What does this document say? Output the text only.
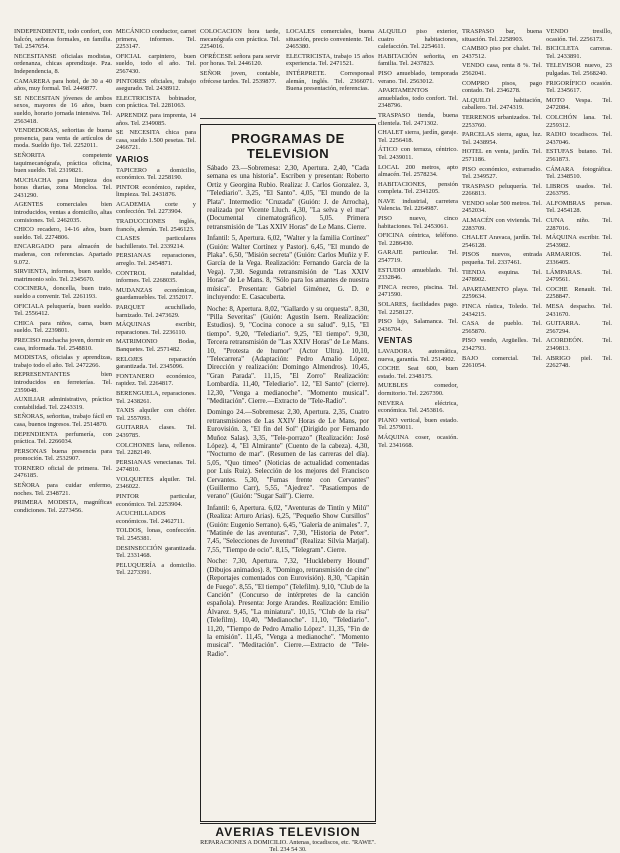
INDEPENDIENTE, todo confort, con balcón, señoras formales, en familia. Tel. 2547654.

NECESITANSE oficialas modistas, ordenanza, chicas aprendizaje. Pza. Independencia, 8.

CAMARERA para hotel, de 30 a 40 años, muy formal. Tel. 2449877.

SE NECESITAN jóvenes de ambos sexos, mayores de 16 años, buen sueldo, horario jornada intensiva. Tel. 2563418.

VENDEDORAS, señoritas de buena presencia, para venta de artículos de moda. Sueldo fijo. Tel. 2252011.

SEÑORITA competente taquimecanógrafa, práctica oficina, buen sueldo. Tel. 2319821.

MUCHACHA para limpieza dos horas diarias, zona Moncloa. Tel. 2431290.

AGENTES comerciales bien introducidos, ventas a domicilio, altas comisiones. Tel. 2462035.

CHICO recadero, 14-16 años, buen sueldo. Tel. 2274806.

ENCARGADO para almacén de maderas, con referencias. Apartado 9.072.

SIRVIENTA, informes, buen sueldo, matrimonio solo. Tel. 2345670.

COCINERA, doncella, buen trato, sueldo a convenir. Tel. 2261193.

OFICIALA peluquería, buen sueldo. Tel. 2556412.

CHICA para niños, cama, buen sueldo. Tel. 2239801.

PRECISO muchacha joven, dormir en casa, informada. Tel. 2548810.

MODISTAS, oficialas y aprendizas, trabajo todo el año. Tel. 2472266.

REPRESENTANTES bien introducidos en ferreterías. Tel. 2359048.

AUXILIAR administrativo, práctica contabilidad. Tel. 2243319.

SEÑORAS, señoritas, trabajo fácil en casa, buenos ingresos. Tel. 2514870.

DEPENDIENTA perfumería, con práctica. Tel. 2266034.

PERSONAS buena presencia para promoción. Tel. 2532907.

TORNERO oficial de primera. Tel. 2476185.

SEÑORA para cuidar enfermo, noches. Tel. 2348721.

PRIMERA MODISTA, magníficas condiciones. Tel. 2273456.

MECÁNICO conductor, carnet primera, informes. Tel. 2253147.

OFICIAL carpintero, buen sueldo, todo el año. Tel. 2567430.

PINTORES oficiales, trabajo asegurado. Tel. 2438912.

ELECTRICISTA bobinador, con práctica. Tel. 2281063.

APRENDIZ para imprenta, 14 años. Tel. 2349085.

SE NECESITA chica para casa, sueldo 1.500 pesetas. Tel. 2466721.

VARIOS

TAPICERO a domicilio, económico. Tel. 2258190.

PINTOR económico, rapidez, limpieza. Tel. 2431876.

ACADEMIA corte y confección. Tel. 2273904.

TRADUCCIONES inglés, francés, alemán. Tel. 2546123.

CLASES particulares bachillerato. Tel. 2339214.

PERSIANAS reparaciones, arreglo. Tel. 2454871.

CONTROL natalidad, informes. Tel. 2268035.

MUDANZAS económicas, guardamuebles. Tel. 2352017.

PARQUET acuchillado, barnizado. Tel. 2473629.

MÁQUINAS escribir, reparaciones. Tel. 2236110.

MATRIMONIO Bodas, Banquetes. Tel. 2571482.

RELOJES reparación garantizada. Tel. 2345096.

FONTANERO económico, rapidez. Tel. 2264817.

BERENGUELA, reparaciones. Tel. 2438261.

TAXIS alquiler con chófer. Tel. 2557093.

GUITARRA clases. Tel. 2439785.

COLCHONES lana, rellenos. Tel. 2282149.

PERSIANAS venecianas. Tel. 2474810.

VOLQUETES alquiler. Tel. 2346022.

PINTOR particular, económico. Tel. 2253904.

ACUCHILLADOS económicos. Tel. 2462711.

TOLDOS, lonas, confección. Tel. 2545381.

DESINSECCIÓN garantizada. Tel. 2331468.

PELUQUERÍA a domicilio. Tel. 2273391.

COLOCACION hora tarde, mecanógrafa con práctica. Tel. 2254016.

OFRÉCESE señora para servir por horas. Tel. 2446120.

SEÑOR joven, contable, ofrécese tardes. Tel. 2539877.

LOCALES comerciales, buena situación, precio conveniente. Tel. 2465380.

ELECTRICISTA, trabajo 15 años experiencia. Tel. 2471521.

INTÉRPRETE. Corresponsal alemán, inglés. Tel. 2366071. Buena presentación, referencias.

PROGRAMAS DE TELEVISION

Sábado 23.—Sobremesa: 2,30, Apertura. 2,40, "Cada semana es una historia". Escriben y presentan: Roberto Ortiz y Georgina Rubio. Realiza: J. Carlos Gonzalez. 3, "Telediario". 3,25, "El Santo". 4,05, "El mundo de la Plata". Intermedio: "Cruzada" (Guión: J. de Arrocha), realizada por Vicente Lluch. 4,30, "La selva y el mar" (Documental cinematográfico). 5,05. Primera retransmisión de "Las XXIV Horas" de Le Mans. Cierre.

Infantil: 5, Apertura. 6,02, "Walter y la familia Cortínez" (Guión: Walter Cortínez y Pastor). 6,45, "El mundo de Plaka". 6,50, "Misión secreta" (Guión: Carlos Muñiz y F. García de la Vega. Realización: Fernando García de la Vega). 7,30. Segunda retransmisión de "Las XXIV Horas" de Le Mans. 8, "Sólo para los amantes de nuestra música". Presentan: Gabriel Giménez, G. D. e incluyendo: E. Casacuberta.

Noche: 8, Apertura. 8,02, "Gallardo y su orquesta". 8,30, "Pilla Severitas" (Guión: Agustín Isern. Realización: Estudios). 9, "Cocina conoce a su salud". 9,15, "El tiempo". 9,20, "Telediario". 9,25, "El tiempo". 9,30, Tercera retransmisión de "Las XXIV Horas" de Le Mans. 10, "Protesta de humor" (Actor Ultra). 10,10, "Telecarrera" (Adaptación: Pedro Amalio López. Dirección y realización: Domingo Almendros). 10,45, "Gran Parada". 11,15, "El Zorro" Realización: Lombardía. 11,40, "Telediario". 12, "El Santo" (cierre). 12,30, "Venga a medianoche". "Momento musical". "Meditación". Cierre.—Extracto de "Tele-Radio".

Domingo 24.—Sobremesa: 2,30, Apertura. 2,35, Cuatro retransmisiones de Las XXIV Horas de Le Mans, por Eurovisión. 3, "El fin del Sol" (Dirigido por Fernando Muñoz Salas). 3,35, "Tele-porrazo" (Realización: José López). 4, "El Almirante" (Cuento de la cabeza). 4,30, "Nocturno de mar". (Resumen de las carreras del día). 5,05, "Quo timeo" (Noticias de actualidad comentadas por Luis Ruiz). Selección de los mejores del Francisco Cervantes. 5,30, "Fumas frente con Cervantes" (Guillermo Carr), 5,55, "Ajedrez". "Pasatiempos de verano" (Guión: "Sugar Sail"). Cierre.

Infantil: 6, Apertura. 6,02, "Aventuras de Tintín y Milú" (Realiza: Arturo Arias). 6,25, "Pequeño Show Cursillos" (Guión: Eugenio Serrano). 6,45, "Galería de animales". 7, "Matinée de las aventuras". 7,30, "Historia de Peter". 7,45, "Selecciones de Juventud" (Realiza: Silvia Marjal). 7,55, "Tiempo de ocio". 8,15, "Telegram". Cierre.

Noche: 7,30, Apertura. 7,32, "Huckleberry Hound" (Dibujos animados). 8, "Domingo, retransmisión de cine" (Reportajes comentados con Eurovisión). 8,30, "Capitán de Fuego". 8,55, "El tiempo" (Telefilm). 9,10, "Club de la Canción" (Concurso de intérpretes de la canción española). Presenta: Jorge Arandes. Realización: Emilio Álvarez. 9,45, "La miniatura". 10,15, "Club de la risa" (Telefilm). 10,40, "Medianoche". 11,10, "Telediario". 11,20, "Tiempo de Pedro Amalio López". 11,35, "Fin de la emisión". 11,45, "Venga a medianoche". "Momento musical". "Meditación". Cierre.—Extracto de "Tele-Radio".

AVERIAS TELEVISION
REPARACIONES A DOMICILIO. Antenas, tocadiscos, etc. "RAWE". Tel. 234 54 30.

ALQUILO piso exterior, cuatro habitaciones, calefacción. Tel. 2254611.

HABITACIÓN señorita, en familia. Tel. 2437823.

PISO amueblado, temporada verano. Tel. 2563012.

APARTAMENTOS amueblados, todo confort. Tel. 2348796.

TRASPASO tienda, buena clientela. Tel. 2471302.

CHALET sierra, jardín, garaje. Tel. 2256418.

ÁTICO con terraza, céntrico. Tel. 2439011.

LOCAL 200 metros, apto almacén. Tel. 2578234.

HABITACIONES, pensión completa. Tel. 2341205.

NAVE industrial, carretera Valencia. Tel. 2264987.

PISO nuevo, cinco habitaciones. Tel. 2453061.

OFICINA céntrica, teléfono. Tel. 2286430.

GARAJE particular. Tel. 2547719.

ESTUDIO amueblado. Tel. 2332846.

FINCA recreo, piscina. Tel. 2471590.

SOLARES, facilidades pago. Tel. 2258127.

PISO lujo, Salamanca. Tel. 2436704.

VENTAS

LAVADORA automática, nueva, garantía. Tel. 2514902.

COCHE Seat 600, buen estado. Tel. 2348175.

MUEBLES comedor, dormitorio. Tel. 2267390.

NEVERA eléctrica, económica. Tel. 2453816.

PIANO vertical, buen estado. Tel. 2579011.

MÁQUINA coser, ocasión. Tel. 2341668.

TRASPASO bar, buena situación. Tel. 2258903.

CAMBIO piso por chalet. Tel. 2437512.

VENDO casa, renta 8 %. Tel. 2562041.

COMPRO pisos, pago contado. Tel. 2346278.

ALQUILO habitación, caballero. Tel. 2474319.

TERRENOS urbanizados. Tel. 2253760.

PARCELAS sierra, agua, luz. Tel. 2438954.

HOTEL en venta, jardín. Tel. 2571186.

PISO económico, extrarradio. Tel. 2349527.

TRASPASO peluquería. Tel. 2266813.

VENDO solar 500 metros. Tel. 2452034.

ALMACÉN con vivienda. Tel. 2283709.

CHALET Aravaca, jardín. Tel. 2546128.

PISOS nuevos, entrada pequeña. Tel. 2337461.

TIENDA esquina. Tel. 2478902.

APARTAMENTO playa. Tel. 2259634.

FINCA rústica, Toledo. Tel. 2434215.

CASA de pueblo. Tel. 2565870.

PISO vendo, Argüelles. Tel. 2342793.

BAJO comercial. Tel. 2261054.

VENDO tresillo, ocasión. Tel. 2256173.

BICICLETA carreras. Tel. 2433891.

TELEVISOR nuevo, 23 pulgadas. Tel. 2568240.

FRIGORÍFICO ocasión. Tel. 2345617.

MOTO Vespa. Tel. 2472084.

COLCHÓN lana. Tel. 2259312.

RADIO tocadiscos. Tel. 2437046.

ESTUFAS butano. Tel. 2561873.

CÁMARA fotográfica. Tel. 2348510.

LIBROS usados. Tel. 2263795.

ALFOMBRAS persas. Tel. 2454128.

CUNA niño. Tel. 2287016.

MÁQUINA escribir. Tel. 2543982.

ARMARIOS. Tel. 2336405.

LÁMPARAS. Tel. 2479561.

COCHE Renault. Tel. 2258847.

MESA despacho. Tel. 2431670.

GUITARRA. Tel. 2567294.

ACORDEÓN. Tel. 2349813.

ABRIGO piel. Tel. 2262748.
